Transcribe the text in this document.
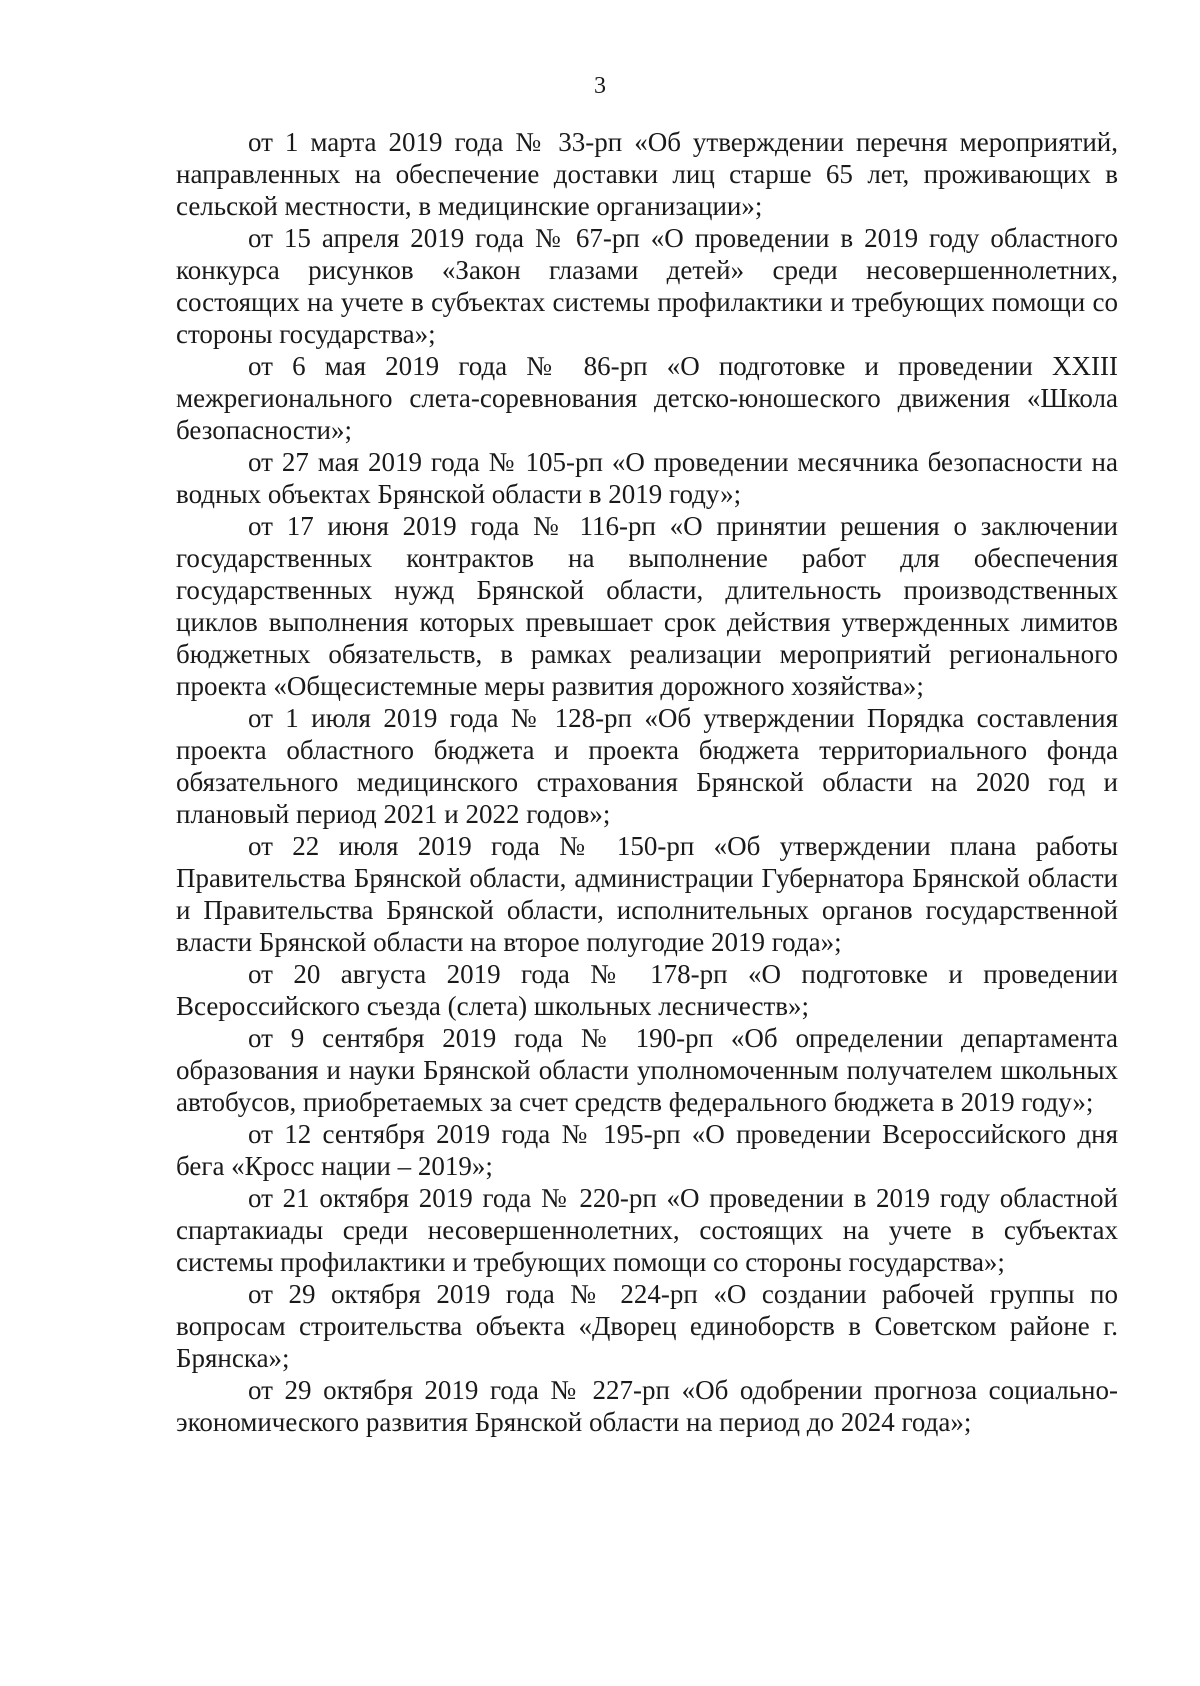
3

от 1 марта 2019 года № 33-рп «Об утверждении перечня мероприятий, направленных на обеспечение доставки лиц старше 65 лет, проживающих в сельской местности, в медицинские организации»;

от 15 апреля 2019 года № 67-рп «О проведении в 2019 году областного конкурса рисунков «Закон глазами детей» среди несовершеннолетних, состоящих на учете в субъектах системы профилактики и требующих помощи со стороны государства»;

от 6 мая 2019 года № 86-рп «О подготовке и проведении XXIII межрегионального слета-соревнования детско-юношеского движения «Школа безопасности»;

от 27 мая 2019 года № 105-рп «О проведении месячника безопасности на водных объектах Брянской области в 2019 году»;

от 17 июня 2019 года № 116-рп «О принятии решения о заключении государственных контрактов на выполнение работ для обеспечения государственных нужд Брянской области, длительность производственных циклов выполнения которых превышает срок действия утвержденных лимитов бюджетных обязательств, в рамках реализации мероприятий регионального проекта «Общесистемные меры развития дорожного хозяйства»;

от 1 июля 2019 года № 128-рп «Об утверждении Порядка составления проекта областного бюджета и проекта бюджета территориального фонда обязательного медицинского страхования Брянской области на 2020 год и плановый период 2021 и 2022 годов»;

от 22 июля 2019 года № 150-рп «Об утверждении плана работы Правительства Брянской области, администрации Губернатора Брянской области и Правительства Брянской области, исполнительных органов государственной власти Брянской области на второе полугодие 2019 года»;

от 20 августа 2019 года № 178-рп «О подготовке и проведении Всероссийского съезда (слета) школьных лесничеств»;

от 9 сентября 2019 года № 190-рп «Об определении департамента образования и науки Брянской области уполномоченным получателем школьных автобусов, приобретаемых за счет средств федерального бюджета в 2019 году»;

от 12 сентября 2019 года № 195-рп «О проведении Всероссийского дня бега «Кросс нации – 2019»;

от 21 октября 2019 года № 220-рп «О проведении в 2019 году областной спартакиады среди несовершеннолетних, состоящих на учете в субъектах системы профилактики и требующих помощи со стороны государства»;

от 29 октября 2019 года № 224-рп «О создании рабочей группы по вопросам строительства объекта «Дворец единоборств в Советском районе г. Брянска»;

от 29 октября 2019 года № 227-рп «Об одобрении прогноза социально-экономического развития Брянской области на период до 2024 года»;
